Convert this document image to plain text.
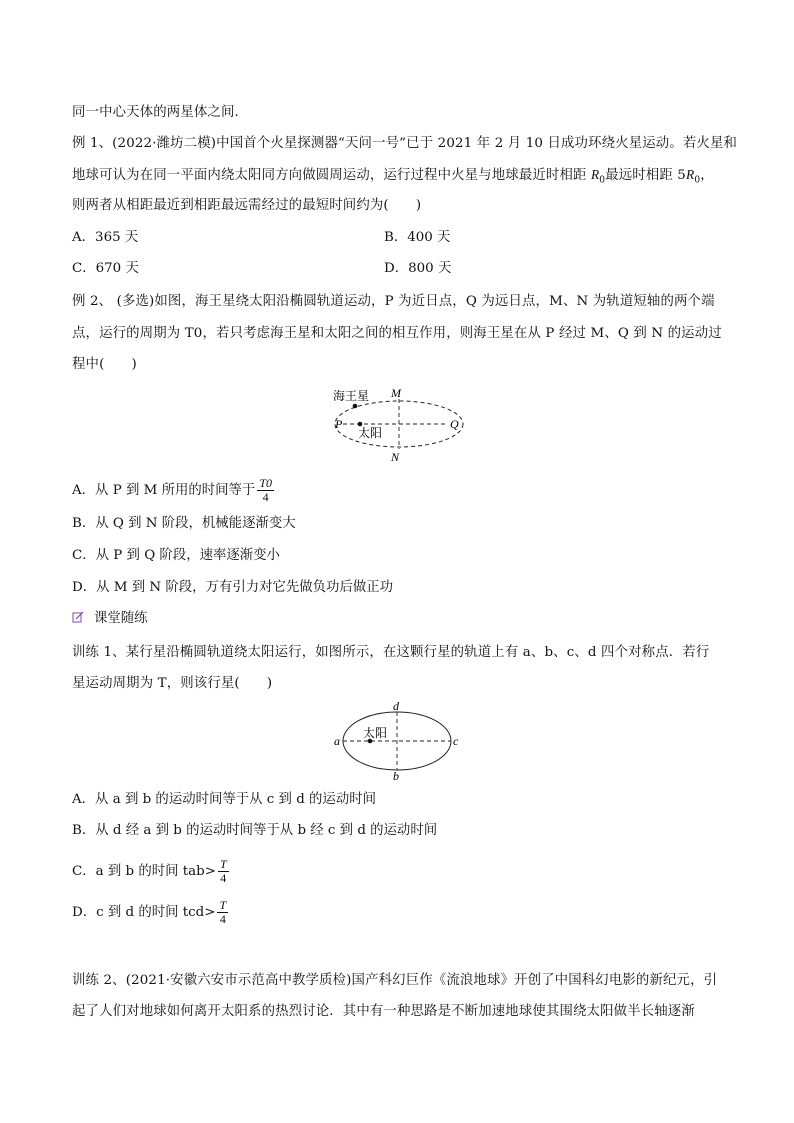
同一中心天体的两星体之间．
例 1、(2022·潍坊二模)中国首个火星探测器“天问一号”已于 2021 年 2 月 10 日成功环绕火星运动。若火星和
地球可认为在同一平面内绕太阳同方向做圆周运动，运行过程中火星与地球最近时相距 $R_0$最远时相距 $5R_0$，
则两者从相距最近到相距最远需经过的最短时间约为(　　)
A．365 天	B．400 天
C．670 天	D．800 天
例 2、 (多选)如图，海王星绕太阳沿椭圆轨道运动，P 为近日点，Q 为远日点，M、N 为轨道短轴的两个端
点，运行的周期为 T0，若只考虑海王星和太阳之间的相互作用，则海王星在从 P 经过 M、Q 到 N 的运动过
程中(　　)
海王星
太阳
P	Q
M
N
A．从 P 到 M 所用的时间等于 $\frac{T0}{4}$
B．从 Q 到 N 阶段，机械能逐渐变大
C．从 P 到 Q 阶段，速率逐渐变小
D．从 M 到 N 阶段，万有引力对它先做负功后做正功
课堂随练
训练 1、某行星沿椭圆轨道绕太阳运行，如图所示，在这颗行星的轨道上有 a、b、c、d 四个对称点．若行
星运动周期为 T，则该行星(　　)
太阳
a
b
c
d
A．从 a 到 b 的运动时间等于从 c 到 d 的运动时间
B．从 d 经 a 到 b 的运动时间等于从 b 经 c 到 d 的运动时间
C．a 到 b 的时间 $tab> \frac{T}{4}$
D．c 到 d 的时间 $tcd> \frac{T}{4}$
训练 2、(2021·安徽六安市示范高中教学质检)国产科幻巨作《流浪地球》开创了中国科幻电影的新纪元，引
起了人们对地球如何离开太阳系的热烈讨论．其中有一种思路是不断加速地球使其围绕太阳做半长轴逐渐
